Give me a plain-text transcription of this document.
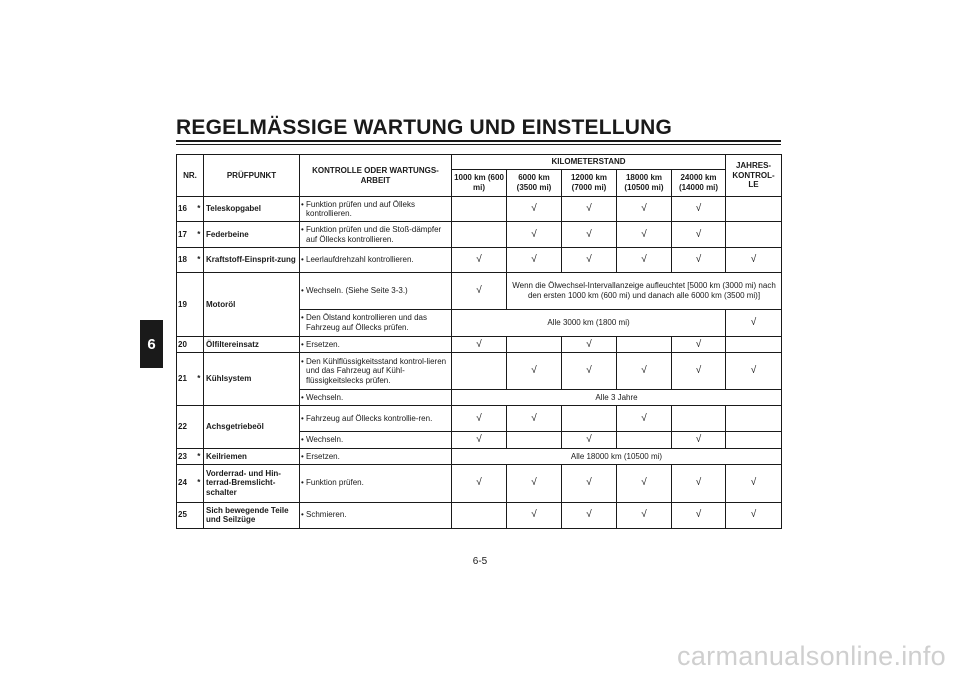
REGELMÄSSIGE WARTUNG UND EINSTELLUNG
6
NR.		PRÜFPUNKT	KONTROLLE ODER WARTUNGS-ARBEIT	KILOMETERSTAND					JAHRES-KONTROL-LE
				1000 km (600 mi)	6000 km (3500 mi)	12000 km (7000 mi)	18000 km (10500 mi)	24000 km (14000 mi)	
16	*	Teleskopgabel	• Funktion prüfen und auf Ölleks kontrollieren.		√	√	√	√	
17	*	Federbeine	• Funktion prüfen und die Stoß-dämpfer auf Öllecks kontrollieren.		√	√	√	√	
18	*	Kraftstoff-Einsprit-zung	• Leerlaufdrehzahl kontrollieren.	√	√	√	√	√	√
19		Motoröl	• Wechseln. (Siehe Seite 3-3.)	√	Wenn die Ölwechsel-Intervallanzeige aufleuchtet [5000 km (3000 mi) nach den ersten 1000 km (600 mi) und danach alle 6000 km (3500 mi)]				
			• Den Ölstand kontrollieren und das Fahrzeug auf Öllecks prüfen.	Alle 3000 km (1800 mi)					√
20		Ölfiltereinsatz	• Ersetzen.	√		√		√	
21	*	Kühlsystem	• Den Kühlflüssigkeitsstand kontrol-lieren und das Fahrzeug auf Kühl-flüssigkeitslecks prüfen.		√	√	√	√	√
			• Wechseln.	Alle 3 Jahre					
22		Achsgetriebeöl	• Fahrzeug auf Öllecks kontrollie-ren.	√	√		√		
			• Wechseln.	√		√		√	
23	*	Keilriemen	• Ersetzen.	Alle 18000 km (10500 mi)					
24	*	Vorderrad- und Hin-terrad-Bremslicht-schalter	• Funktion prüfen.	√	√	√	√	√	√
25		Sich bewegende Teile und Seilzüge	• Schmieren.		√	√	√	√	√
6-5
carmanualsonline.info
